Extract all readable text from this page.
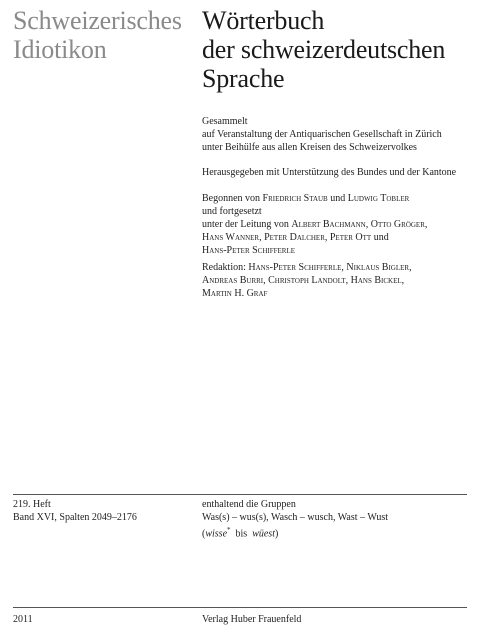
Schweizerisches
Idiotikon
Wörterbuch
der schweizerdeutschen
Sprache
Gesammelt
auf Veranstaltung der Antiquarischen Gesellschaft in Zürich
unter Beihülfe aus allen Kreisen des Schweizervolkes
Herausgegeben mit Unterstützung des Bundes und der Kantone
Begonnen von Friedrich Staub und Ludwig Tobler
und fortgesetzt
unter der Leitung von Albert Bachmann, Otto Gröger,
Hans Wanner, Peter Dalcher, Peter Ott und
Hans-Peter Schifferle
Redaktion: Hans-Peter Schifferle, Niklaus Bigler,
Andreas Burri, Christoph Landolt, Hans Bickel,
Martin H. Graf
219. Heft
Band XVI, Spalten 2049–2176
enthaltend die Gruppen
Was(s) – wus(s), Wasch – wusch, Wast – Wust
(wisse*  bis  wüest)
2011	Verlag Huber Frauenfeld
